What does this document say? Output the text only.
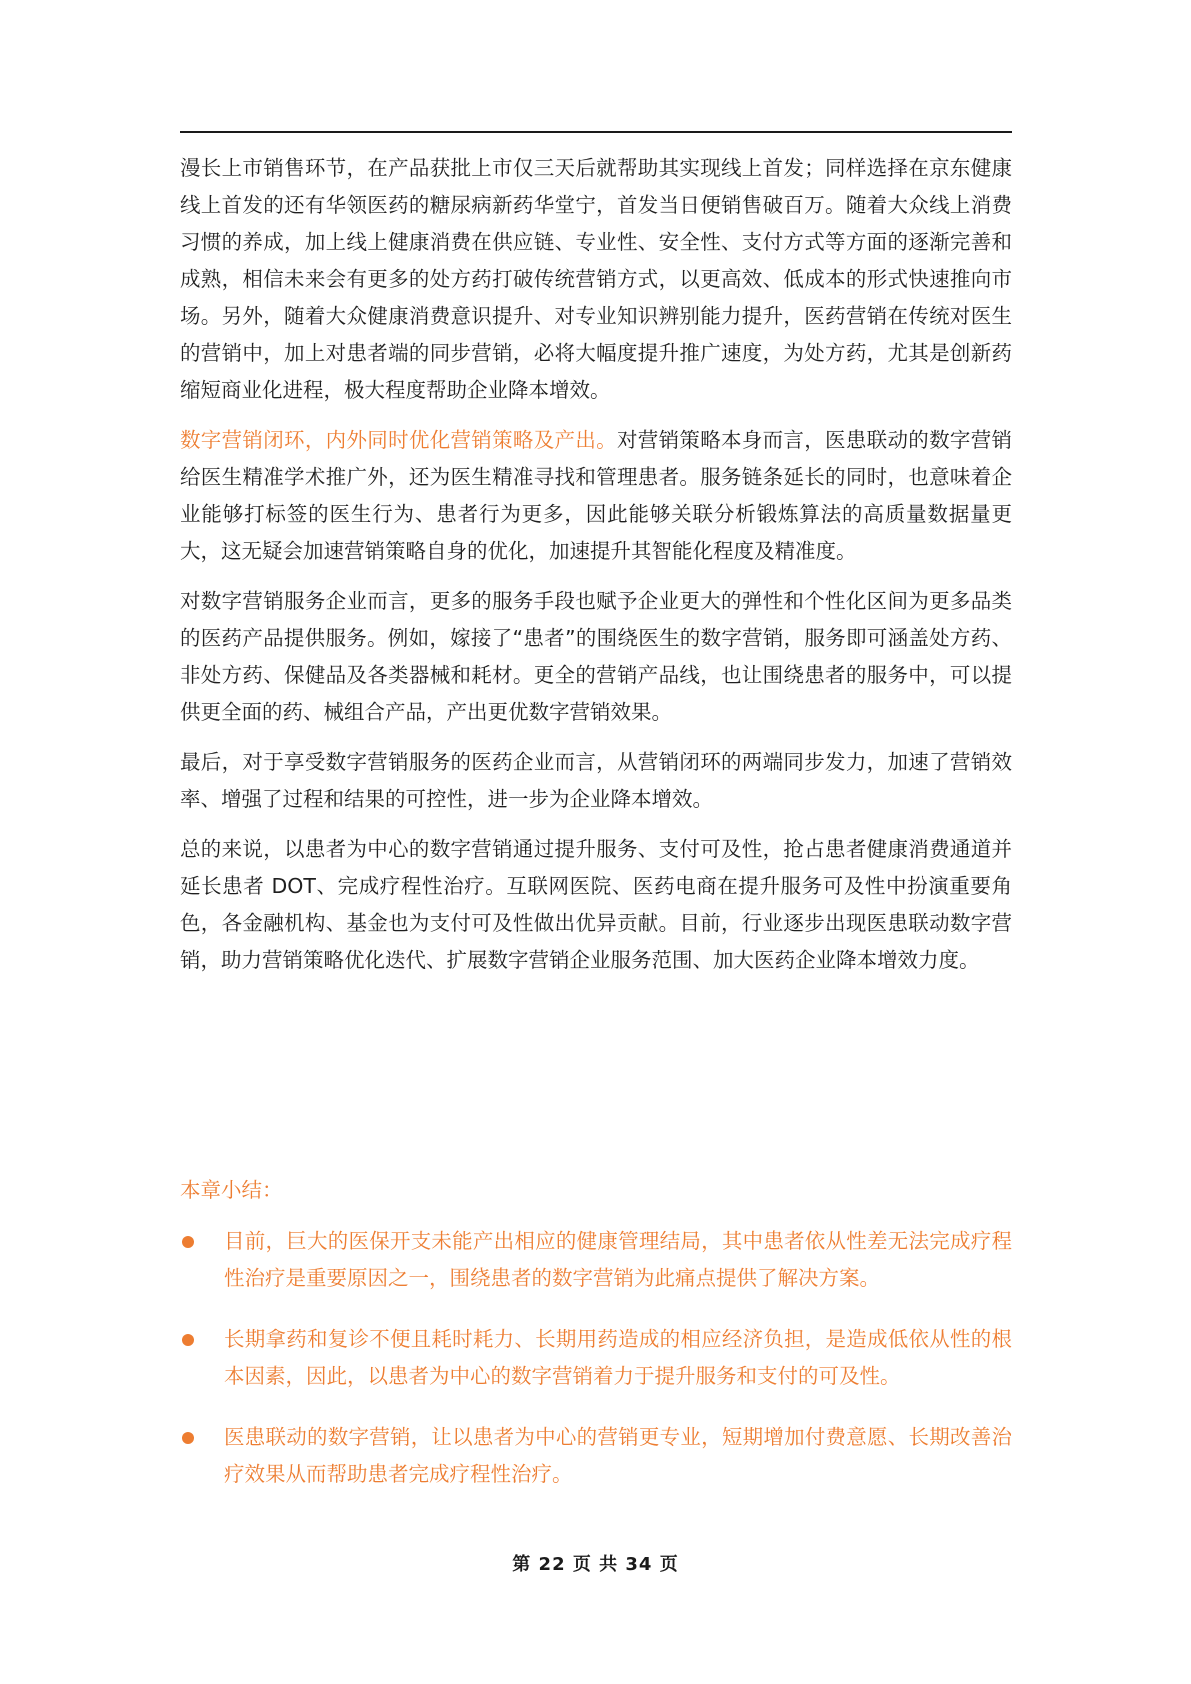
漫长上市销售环节，在产品获批上市仅三天后就帮助其实现线上首发；同样选择在京东健康线上首发的还有华领医药的糖尿病新药华堂宁，首发当日便销售破百万。随着大众线上消费习惯的养成，加上线上健康消费在供应链、专业性、安全性、支付方式等方面的逐渐完善和成熟，相信未来会有更多的处方药打破传统营销方式，以更高效、低成本的形式快速推向市场。另外，随着大众健康消费意识提升、对专业知识辨别能力提升，医药营销在传统对医生的营销中，加上对患者端的同步营销，必将大幅度提升推广速度，为处方药，尤其是创新药缩短商业化进程，极大程度帮助企业降本增效。

数字营销闭环，内外同时优化营销策略及产出。对营销策略本身而言，医患联动的数字营销给医生精准学术推广外，还为医生精准寻找和管理患者。服务链条延长的同时，也意味着企业能够打标签的医生行为、患者行为更多，因此能够关联分析锻炼算法的高质量数据量更大，这无疑会加速营销策略自身的优化，加速提升其智能化程度及精准度。

对数字营销服务企业而言，更多的服务手段也赋予企业更大的弹性和个性化区间为更多品类的医药产品提供服务。例如，嫁接了“患者”的围绕医生的数字营销，服务即可涵盖处方药、非处方药、保健品及各类器械和耗材。更全的营销产品线，也让围绕患者的服务中，可以提供更全面的药、械组合产品，产出更优数字营销效果。

最后，对于享受数字营销服务的医药企业而言，从营销闭环的两端同步发力，加速了营销效率、增强了过程和结果的可控性，进一步为企业降本增效。

总的来说，以患者为中心的数字营销通过提升服务、支付可及性，抢占患者健康消费通道并延长患者 DOT、完成疗程性治疗。互联网医院、医药电商在提升服务可及性中扮演重要角色，各金融机构、基金也为支付可及性做出优异贡献。目前，行业逐步出现医患联动数字营销，助力营销策略优化迭代、扩展数字营销企业服务范围、加大医药企业降本增效力度。

本章小结：
目前，巨大的医保开支未能产出相应的健康管理结局，其中患者依从性差无法完成疗程性治疗是重要原因之一，围绕患者的数字营销为此痛点提供了解决方案。
长期拿药和复诊不便且耗时耗力、长期用药造成的相应经济负担，是造成低依从性的根本因素，因此，以患者为中心的数字营销着力于提升服务和支付的可及性。
医患联动的数字营销，让以患者为中心的营销更专业，短期增加付费意愿、长期改善治疗效果从而帮助患者完成疗程性治疗。
第 22 页 共 34 页
